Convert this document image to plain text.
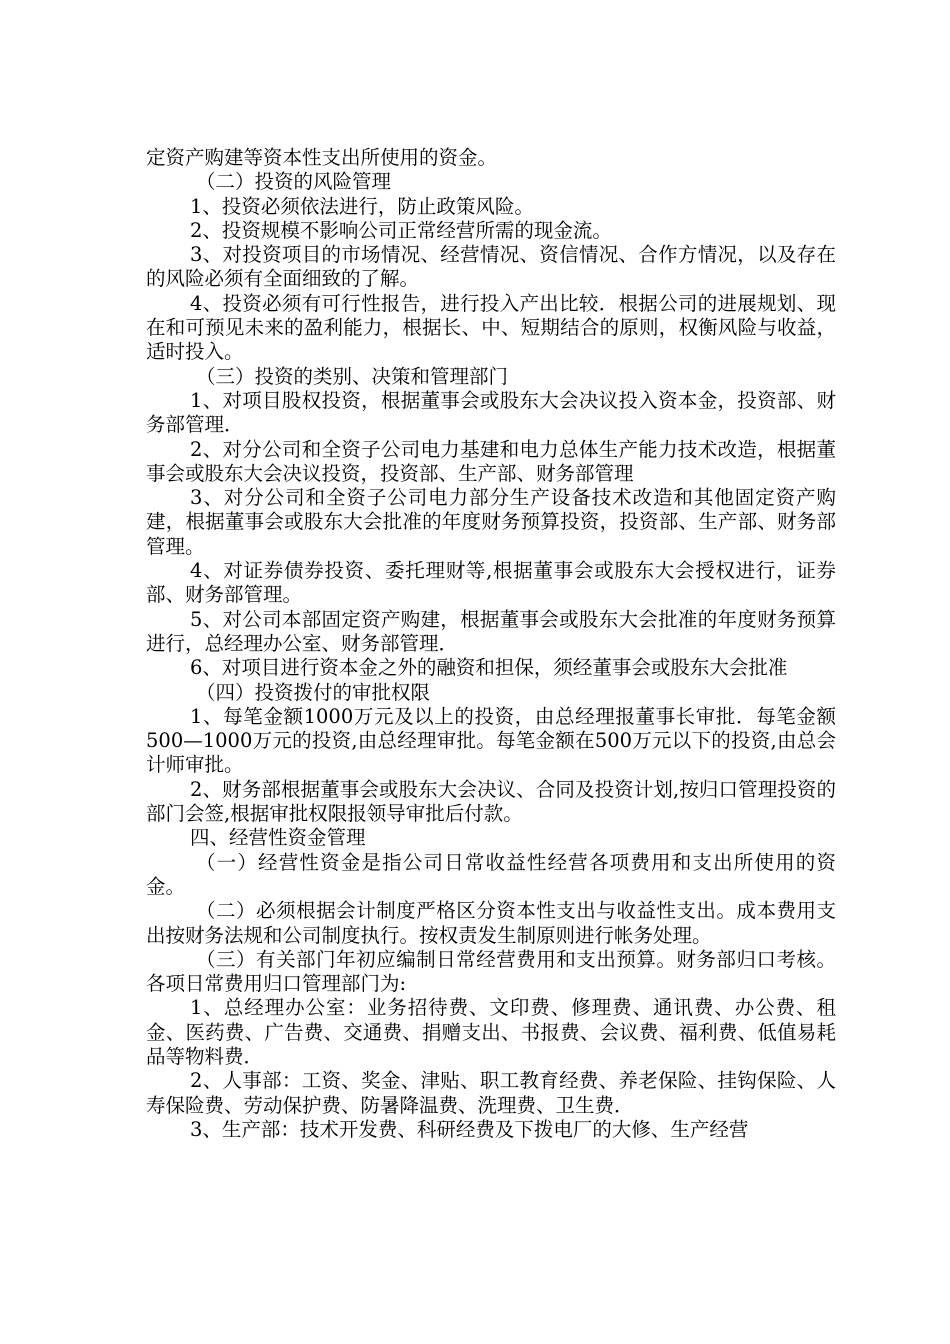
定资产购建等资本性支出所使用的资金。

（二）投资的风险管理

1、投资必须依法进行，防止政策风险。

2、投资规模不影响公司正常经营所需的现金流。

3、对投资项目的市场情况、经营情况、资信情况、合作方情况，以及存在的风险必须有全面细致的了解。

4、投资必须有可行性报告，进行投入产出比较．根据公司的进展规划、现在和可预见未来的盈利能力，根据长、中、短期结合的原则，权衡风险与收益，适时投入。

（三）投资的类别、决策和管理部门

1、对项目股权投资，根据董事会或股东大会决议投入资本金，投资部、财务部管理．

2、对分公司和全资子公司电力基建和电力总体生产能力技术改造，根据董事会或股东大会决议投资，投资部、生产部、财务部管理

3、对分公司和全资子公司电力部分生产设备技术改造和其他固定资产购建，根据董事会或股东大会批准的年度财务预算投资，投资部、生产部、财务部管理。

4、对证券债券投资、委托理财等,根据董事会或股东大会授权进行，证券部、财务部管理。

5、对公司本部固定资产购建，根据董事会或股东大会批准的年度财务预算进行，总经理办公室、财务部管理．

6、对项目进行资本金之外的融资和担保，须经董事会或股东大会批准

（四）投资拨付的审批权限

1、每笔金额1000万元及以上的投资，由总经理报董事长审批．每笔金额500—1000万元的投资,由总经理审批。每笔金额在500万元以下的投资,由总会计师审批。

2、财务部根据董事会或股东大会决议、合同及投资计划,按归口管理投资的部门会签,根据审批权限报领导审批后付款。

四、经营性资金管理

（一）经营性资金是指公司日常收益性经营各项费用和支出所使用的资金。

（二）必须根据会计制度严格区分资本性支出与收益性支出。成本费用支出按财务法规和公司制度执行。按权责发生制原则进行帐务处理。

（三）有关部门年初应编制日常经营费用和支出预算。财务部归口考核。各项日常费用归口管理部门为:

1、总经理办公室：业务招待费、文印费、修理费、通讯费、办公费、租金、医药费、广告费、交通费、捐赠支出、书报费、会议费、福利费、低值易耗品等物料费．

2、人事部：工资、奖金、津贴、职工教育经费、养老保险、挂钩保险、人寿保险费、劳动保护费、防暑降温费、洗理费、卫生费．

3、生产部：技术开发费、科研经费及下拨电厂的大修、生产经营
